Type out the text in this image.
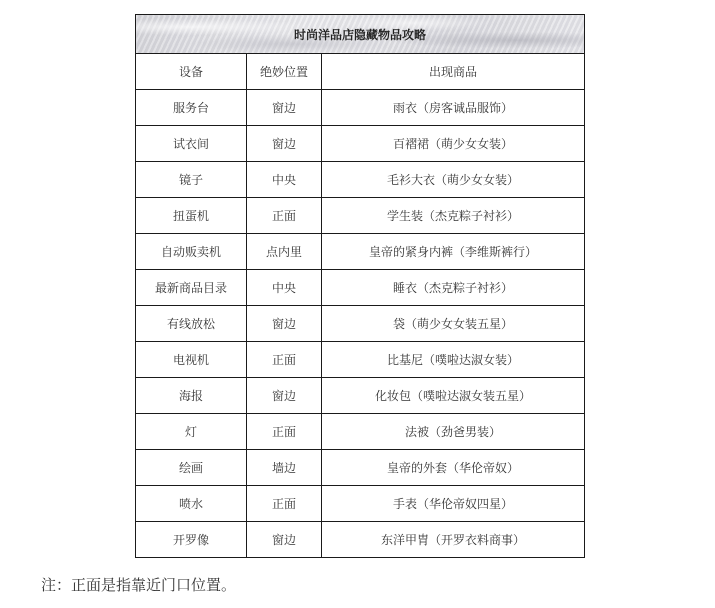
时尚洋品店隐藏物品攻略		
设备	绝妙位置	出现商品
服务台	窗边	雨衣（房客诚品服饰）
试衣间	窗边	百褶裙（萌少女女装）
镜子	中央	毛衫大衣（萌少女女装）
扭蛋机	正面	学生装（杰克粽子衬衫）
自动贩卖机	点内里	皇帝的紧身内裤（李维斯裤行）
最新商品目录	中央	睡衣（杰克粽子衬衫）
有线放松	窗边	袋（萌少女女装五星）
电视机	正面	比基尼（噗啦达淑女装）
海报	窗边	化妆包（噗啦达淑女装五星）
灯	正面	法被（劲爸男装）
绘画	墙边	皇帝的外套（华伦帝奴）
喷水	正面	手表（华伦帝奴四星）
开罗像	窗边	东洋甲胄（开罗衣料商事）
注：正面是指靠近门口位置。
